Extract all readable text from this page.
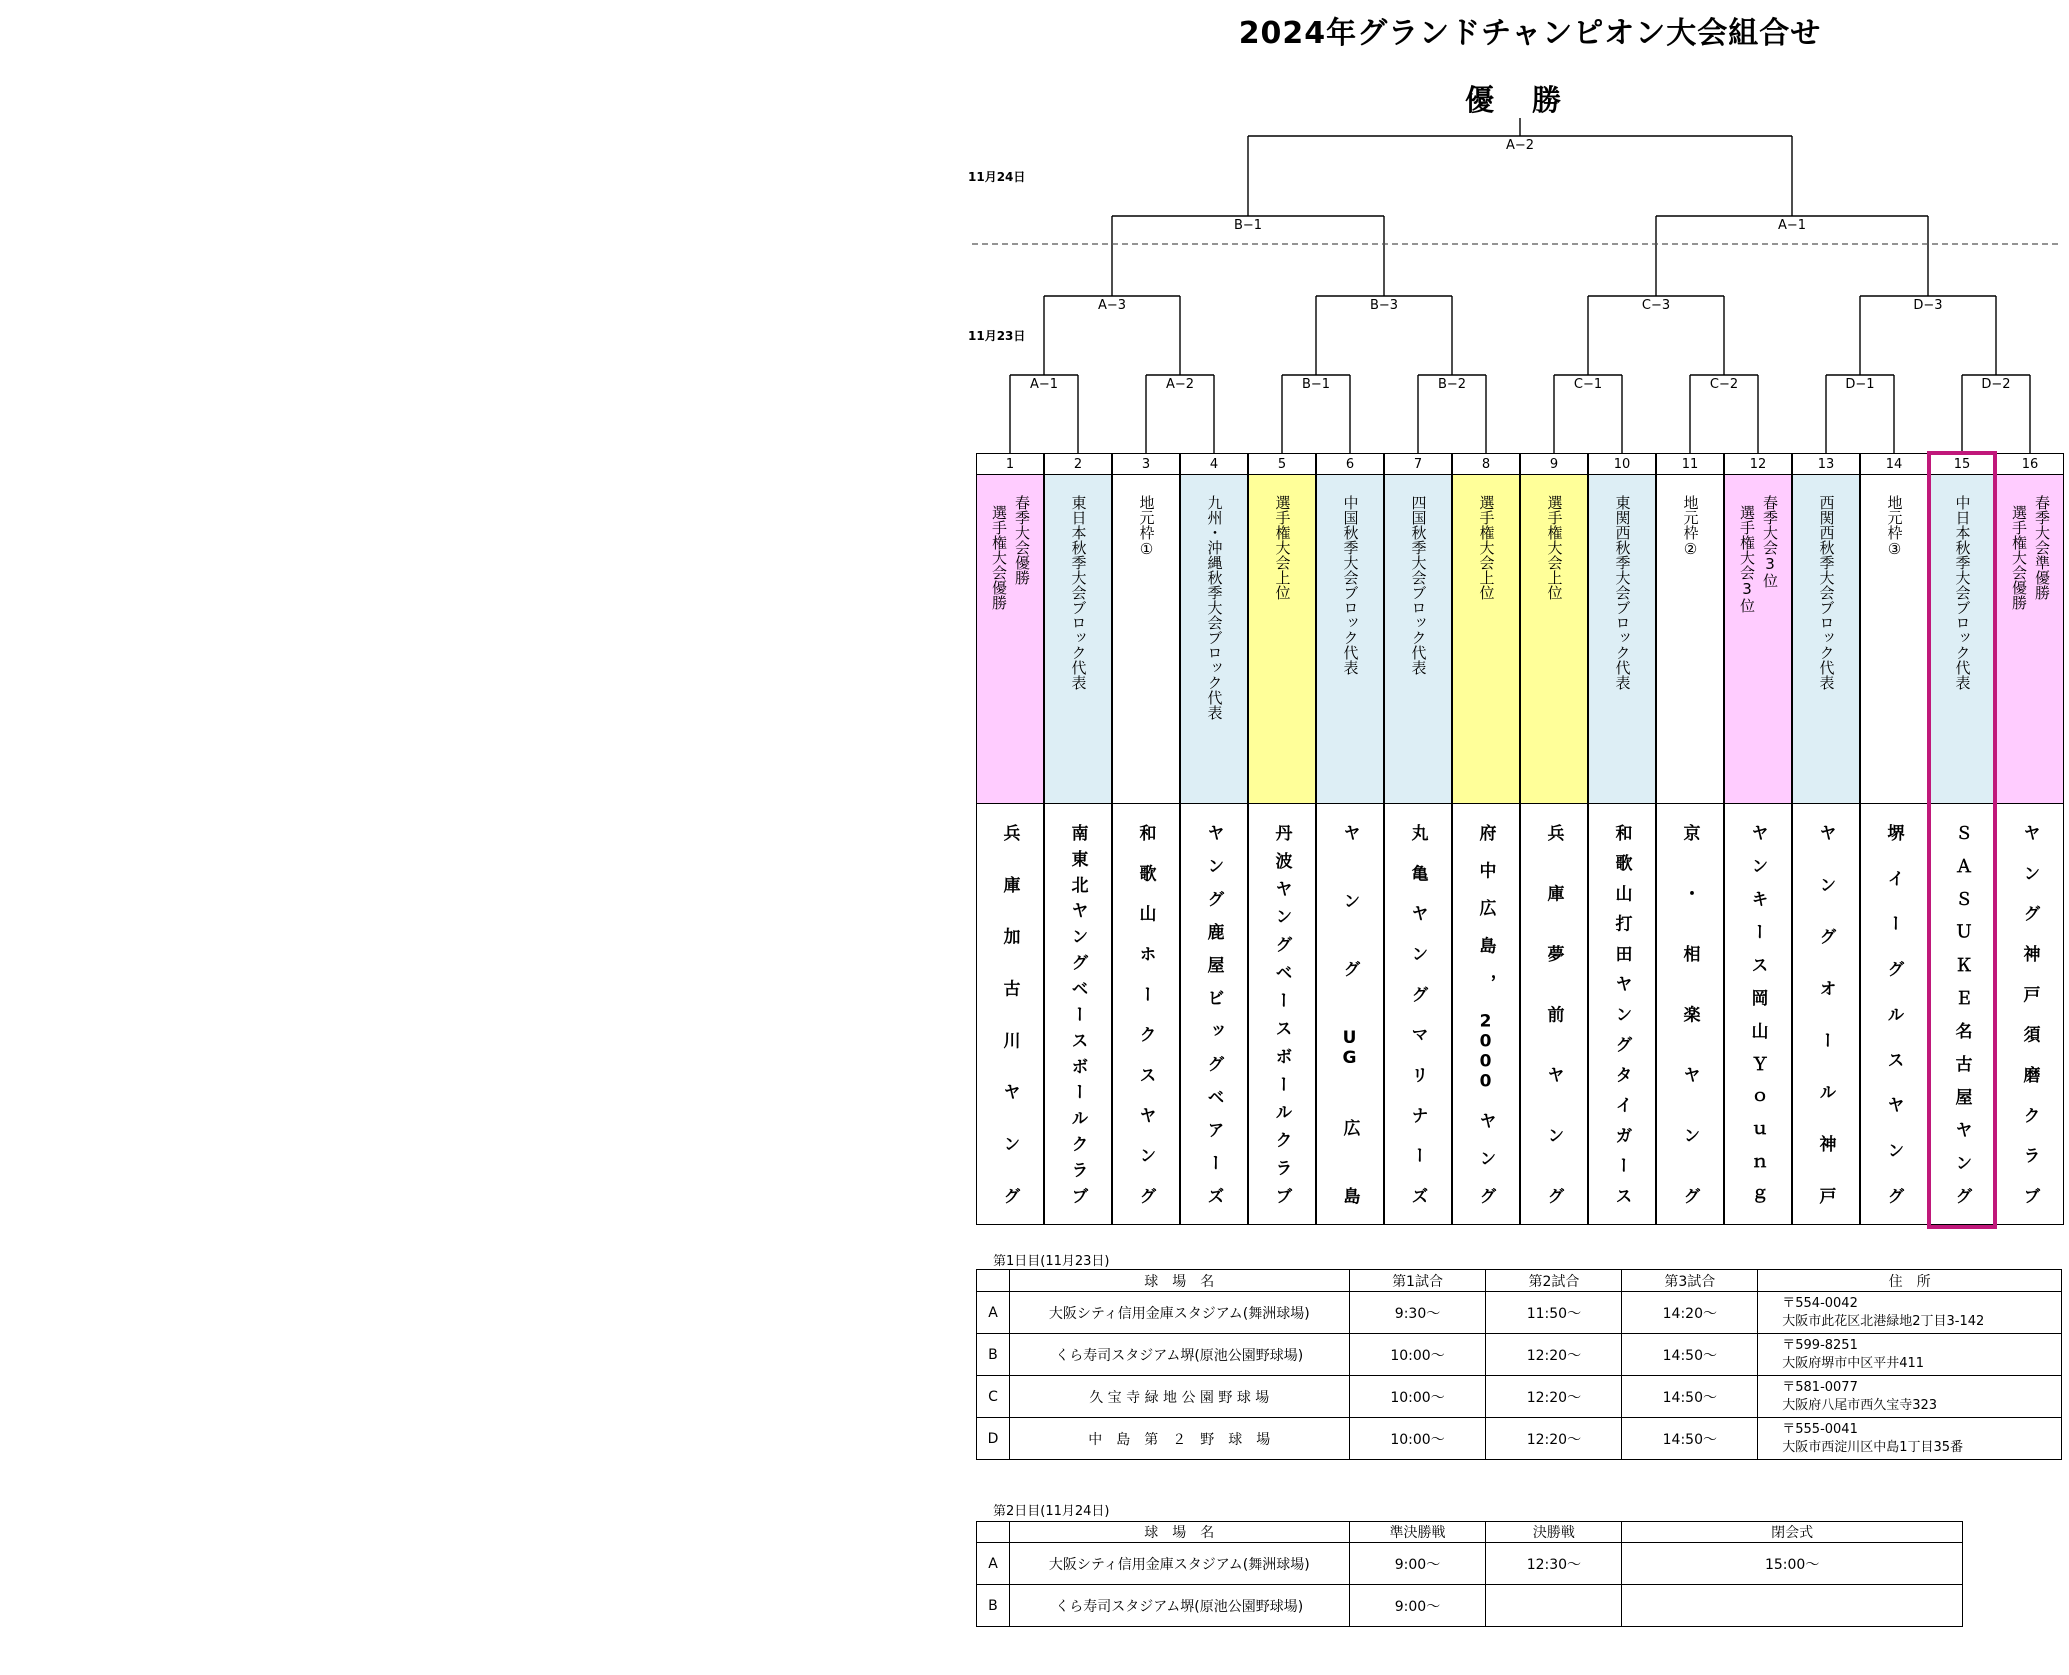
2024年グランドチャンピオン大会組合せ
優 勝
11月24日
11月23日
A−1	A−2	B−1	B−2	C−1	C−2	D−1	D−2
A−3	B−3	C−3	D−3
B−1	A−1
A−2
1
春季大会優勝
選手権大会優勝
兵庫加古川ヤング
2
東日本秋季大会ブロック代表
南東北ヤングベースボールクラブ
3
地元枠①
和歌山ホークスヤング
4
九州・沖縄秋季大会ブロック代表
ヤング鹿屋ビッグベアーズ
5
選手権大会上位
丹波ヤングベースボールクラブ
6
中国秋季大会ブロック代表
ヤングUG広島
7
四国秋季大会ブロック代表
丸亀ヤングマリナーズ
8
選手権大会上位
府中広島，2000ヤング
9
選手権大会上位
兵庫夢前ヤング
10
東関西秋季大会ブロック代表
和歌山打田ヤングタイガース
11
地元枠②
京・相楽ヤング
12
春季大会3位
選手権大会3位
ヤンキース岡山Ｙｏｕｎｇ
13
西関西秋季大会ブロック代表
ヤングオール神戸
14
地元枠③
堺イーグルスヤング
15
中日本秋季大会ブロック代表
ＳＡＳＵＫＥ名古屋ヤング
16
春季大会準優勝
選手権大会優勝
ヤング神戸須磨クラブ
第1日目(11月23日)
	球　場　名	第1試合	第2試合	第3試合	住　所
A	大阪シティ信用金庫スタジアム(舞洲球場)	9:30〜	11:50〜	14:20〜	〒554-0042
大阪市此花区北港緑地2丁目3-142

B	くら寿司スタジアム堺(原池公園野球場)	10:00〜	12:20〜	14:50〜	〒599-8251
大阪府堺市中区平井411

C	久 宝 寺 緑 地 公 園 野 球 場	10:00〜	12:20〜	14:50〜	〒581-0077
大阪府八尾市西久宝寺323

D	中　島　第　２　野　球　場	10:00〜	12:20〜	14:50〜	〒555-0041
大阪市西淀川区中島1丁目35番
第2日目(11月24日)
	球　場　名	準決勝戦	決勝戦	閉会式
A	大阪シティ信用金庫スタジアム(舞洲球場)	9:00〜	12:30〜	15:00〜
B	くら寿司スタジアム堺(原池公園野球場)	9:00〜		
